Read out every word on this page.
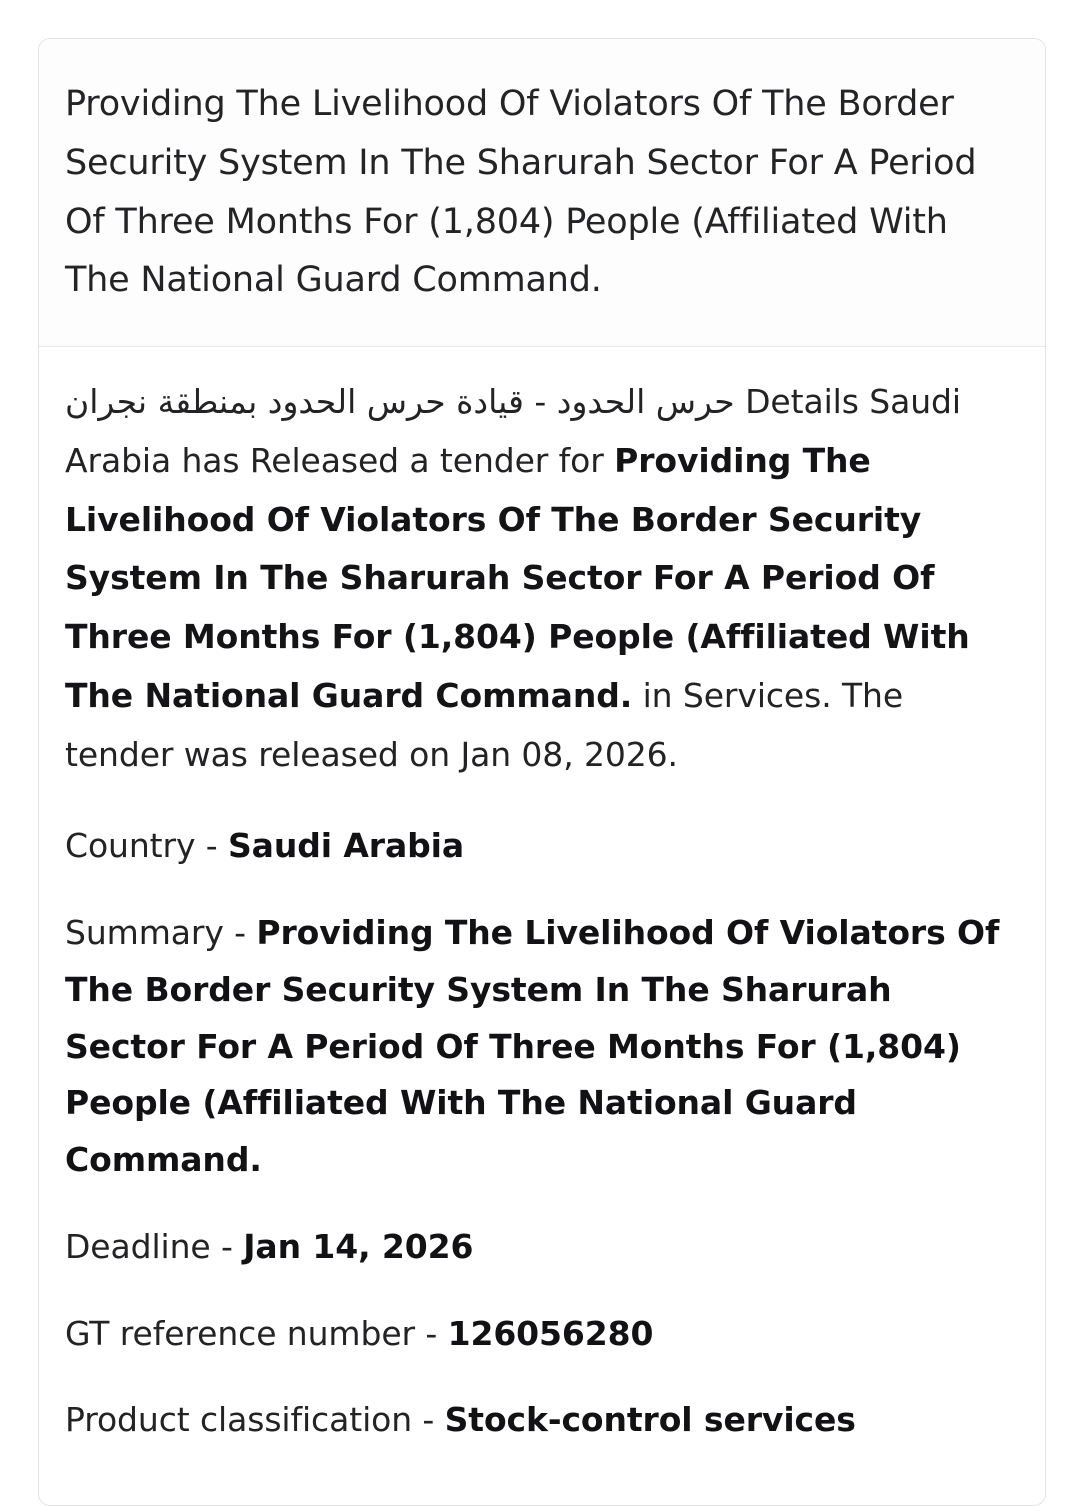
Providing The Livelihood Of Violators Of The Border Security System In The Sharurah Sector For A Period Of Three Months For (1,804) People (Affiliated With The National Guard Command.

حرس الحدود - قيادة حرس الحدود بمنطقة نجران Details Saudi Arabia has Released a tender for Providing The Livelihood Of Violators Of The Border Security System In The Sharurah Sector For A Period Of Three Months For (1,804) People (Affiliated With The National Guard Command. in Services. The tender was released on Jan 08, 2026.

Country - Saudi Arabia

Summary - Providing The Livelihood Of Violators Of The Border Security System In The Sharurah Sector For A Period Of Three Months For (1,804) People (Affiliated With The National Guard Command.

Deadline - Jan 14, 2026

GT reference number - 126056280

Product classification - Stock-control services
